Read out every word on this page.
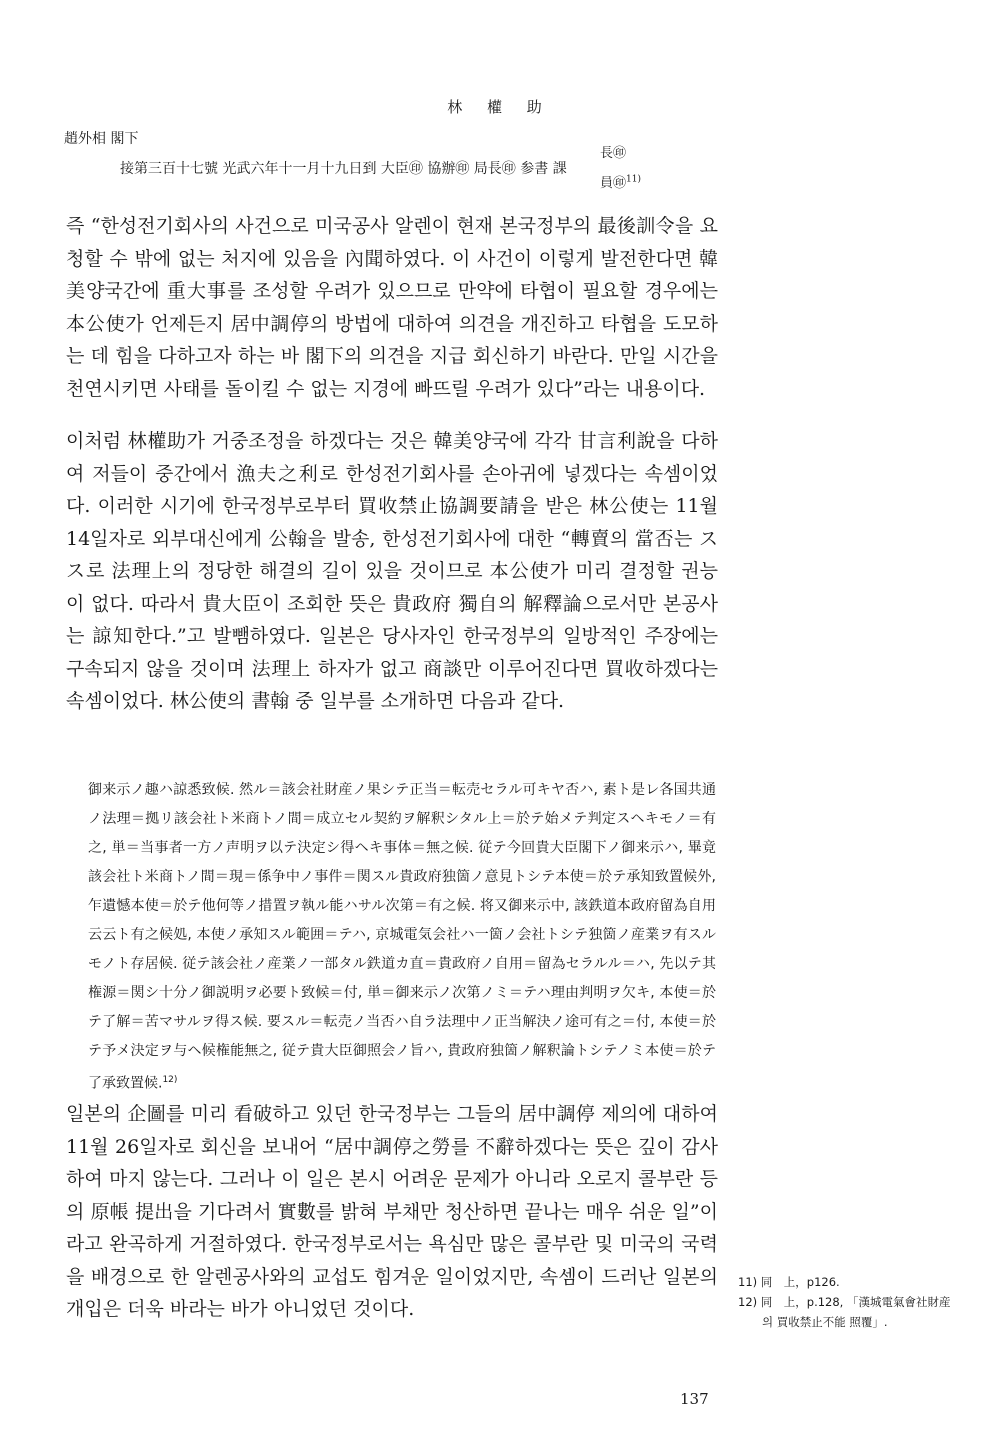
林 權 助
趙外相 閣下
長㊞
接第三百十七號 光武六年十一月十九日到 大臣㊞ 協辦㊞ 局長㊞ 参書 課
員㊞$^{11)}$

즉 “한성전기회사의 사건으로 미국공사 알렌이 현재 본국정부의 最後訓令을 요청할 수 밖에 없는 처지에 있음을 內聞하였다. 이 사건이 이렇게 발전한다면 韓美양국간에 重大事를 조성할 우려가 있으므로 만약에 타협이 필요할 경우에는 本公使가 언제든지 居中調停의 방법에 대하여 의견을 개진하고 타협을 도모하는 데 힘을 다하고자 하는 바 閣下의 의견을 지급 회신하기 바란다. 만일 시간을 천연시키면 사태를 돌이킬 수 없는 지경에 빠뜨릴 우려가 있다”라는 내용이다.

이처럼 林權助가 거중조정을 하겠다는 것은 韓美양국에 각각 甘言利說을 다하여 저들이 중간에서 漁夫之利로 한성전기회사를 손아귀에 넣겠다는 속셈이었다. 이러한 시기에 한국정부로부터 買收禁止協調要請을 받은 林公使는 11월 14일자로 외부대신에게 公翰을 발송, 한성전기회사에 대한 “轉賣의 當否는 スス로 法理上의 정당한 해결의 길이 있을 것이므로 本公使가 미리 결정할 권능이 없다. 따라서 貴大臣이 조회한 뜻은 貴政府 獨自의 解釋論으로서만 본공사는 諒知한다.”고 발뺌하였다. 일본은 당사자인 한국정부의 일방적인 주장에는 구속되지 않을 것이며 法理上 하자가 없고 商談만 이루어진다면 買收하겠다는 속셈이었다. 林公使의 書翰 중 일부를 소개하면 다음과 같다.

御来示ノ趣ハ諒悉致候. 然ル＝該会社財産ノ果シテ正当＝転売セラル可キヤ否ハ, 素ト是レ各国共通ノ法理＝拠リ該会社ト米商トノ間＝成立セル契約ヲ解釈シタル上＝於テ始メテ判定スヘキモノ＝有之, 単＝当事者一方ノ声明ヲ以テ決定シ得ヘキ事体＝無之候. 従テ今回貴大臣閣下ノ御来示ハ, 畢竟該会社ト米商トノ間＝現＝係争中ノ事件＝関スル貴政府独箇ノ意見トシテ本使＝於テ承知致置候外, 乍遺憾本使＝於テ他何等ノ措置ヲ執ル能ハサル次第＝有之候. 将又御来示中, 該鉄道本政府留為自用云云ト有之候処, 本使ノ承知スル範囲＝テハ, 京城電気会社ハ一箇ノ会社トシテ独箇ノ産業ヲ有スルモノト存居候. 従テ該会社ノ産業ノ一部タル鉄道カ直＝貴政府ノ自用＝留為セラルル＝ハ, 先以テ其権源＝関シ十分ノ御説明ヲ必要ト致候＝付, 単＝御来示ノ次第ノミ＝テハ理由判明ヲ欠キ, 本使＝於テ了解＝苦マサルヲ得ス候. 要スル＝転売ノ当否ハ自ラ法理中ノ正当解決ノ途可有之＝付, 本使＝於テ予メ決定ヲ与ヘ候権能無之, 従テ貴大臣御照会ノ旨ハ, 貴政府独箇ノ解釈論トシテノミ本使＝於テ了承致置候.$^{12)}$

일본의 企圖를 미리 看破하고 있던 한국정부는 그들의 居中調停 제의에 대하여 11월 26일자로 회신을 보내어 “居中調停之勞를 不辭하겠다는 뜻은 깊이 감사하여 마지 않는다. 그러나 이 일은 본시 어려운 문제가 아니라 오로지 콜부란 등의 原帳 提出을 기다려서 實數를 밝혀 부채만 청산하면 끝나는 매우 쉬운 일”이라고 완곡하게 거절하였다. 한국정부로서는 욕심만 많은 콜부란 및 미국의 국력을 배경으로 한 알렌공사와의 교섭도 힘겨운 일이었지만, 속셈이 드러난 일본의 개입은 더욱 바라는 바가 아니었던 것이다.

11) 同　上，p126.
12) 同　上，p.128, 「漢城電氣會社財産
의 買收禁止不能 照覆」.
137
